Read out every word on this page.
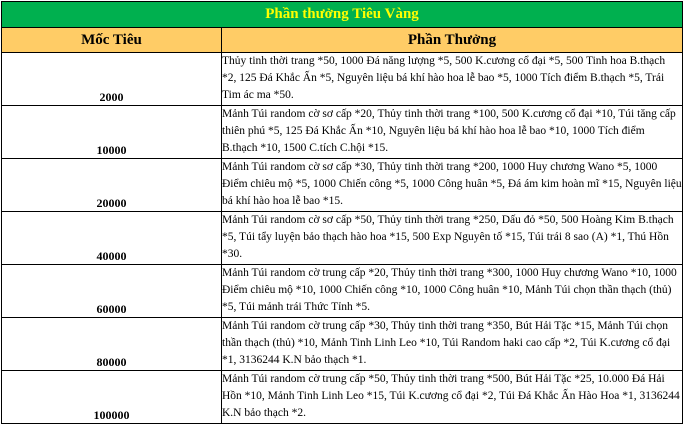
Phần thưởng Tiêu Vàng	
Mốc Tiêu	Phần Thưởng
2000	Thủy tinh thời trang *50, 1000 Đá năng lượng *5, 500 K.cương cổ đại *5, 500 Tinh hoa B.thạch *2, 125 Đá Khắc Ấn *5, Nguyên liệu bá khí hào hoa lễ bao *5, 1000 Tích điểm B.thạch *5, Trái Tim ác ma *50.
10000	Mảnh Túi random cờ sơ cấp *20, Thủy tinh thời trang *100, 500 K.cương cổ đại *10, Túi tăng cấp thiên phú *5, 125 Đá Khắc Ấn *10, Nguyên liệu bá khí hào hoa lễ bao *10, 1000 Tích điểm B.thạch *10, 1500 C.tích C.hội *15.
20000	Mảnh Túi random cờ sơ cấp *30, Thủy tinh thời trang *200, 1000 Huy chương Wano *5, 1000 Điểm chiêu mộ *5, 1000 Chiến công *5, 1000 Công huân *5, Đá ám kim hoàn mĩ *15, Nguyên liệu bá khí hào hoa lễ bao *15.
40000	Mảnh Túi random cờ sơ cấp *50, Thủy tinh thời trang *250, Dấu đỏ *50, 500 Hoàng Kim B.thạch *5, Túi tẩy luyện bảo thạch hào hoa *15, 500 Exp Nguyên tố *15, Túi trái 8 sao (A) *1, Thú Hồn *30.
60000	Mảnh Túi random cờ trung cấp *20, Thủy tinh thời trang *300, 1000 Huy chương Wano *10, 1000 Điểm chiêu mộ *10, 1000 Chiến công *10, 1000 Công huân *10, Mảnh Túi chọn thần thạch (thủ) *5, Túi mảnh trái Thức Tỉnh *5.
80000	Mảnh Túi random cờ trung cấp *30, Thủy tinh thời trang *350, Bút Hải Tặc *15, Mảnh Túi chọn thần thạch (thủ) *10, Mảnh Tinh Linh Leo *10, Túi Random haki cao cấp *2, Túi K.cương cổ đại *1, 3136244 K.N bảo thạch *1.
100000	Mảnh Túi random cờ trung cấp *50, Thủy tinh thời trang *500, Bút Hải Tặc *25, 10.000 Đá Hải Hồn *10, Mảnh Tinh Linh Leo *15, Túi K.cương cổ đại *2, Túi Đá Khắc Ấn Hào Hoa *1, 3136244 K.N bảo thạch *2.
